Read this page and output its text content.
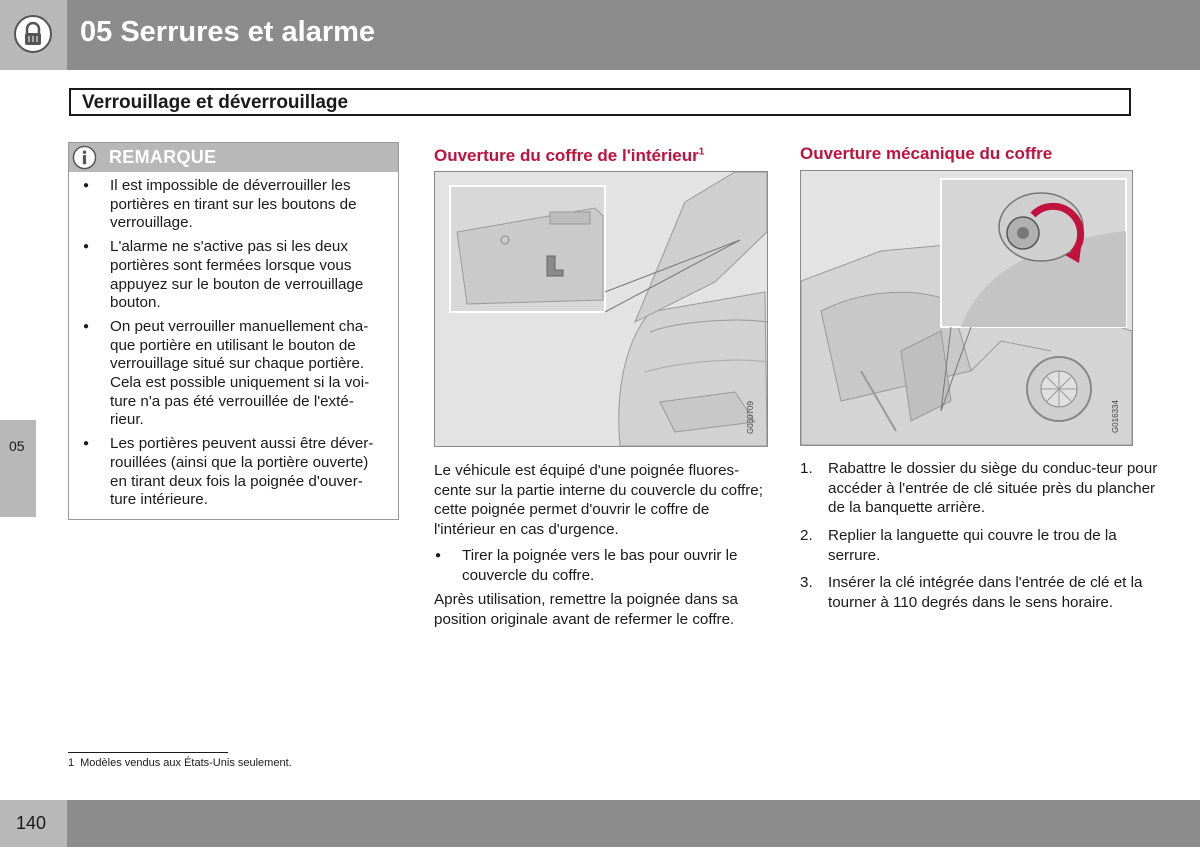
05 Serrures et alarme
Verrouillage et déverrouillage
05
REMARQUE
● Il est impossible de déverrouiller les portières en tirant sur les boutons de verrouillage.
● L'alarme ne s'active pas si les deux portières sont fermées lorsque vous appuyez sur le bouton de verrouillage bouton.
● On peut verrouiller manuellement cha-que portière en utilisant le bouton de verrouillage situé sur chaque portière. Cela est possible uniquement si la voi-ture n'a pas été verrouillée de l'exté-rieur.
● Les portières peuvent aussi être déver-rouillées (ainsi que la portière ouverte) en tirant deux fois la poignée d'ouver-ture intérieure.
Ouverture du coffre de l'intérieur$^1$
G030709
Le véhicule est équipé d'une poignée fluores-cente sur la partie interne du couvercle du coffre; cette poignée permet d'ouvrir le coffre de l'intérieur en cas d'urgence.
● Tirer la poignée vers le bas pour ouvrir le couvercle du coffre.
Après utilisation, remettre la poignée dans sa position originale avant de refermer le coffre.
Ouverture mécanique du coffre
G016334
1. Rabattre le dossier du siège du conduc-teur pour accéder à l'entrée de clé située près du plancher de la banquette arrière.
2. Replier la languette qui couvre le trou de la serrure.
3. Insérer la clé intégrée dans l'entrée de clé et la tourner à 110 degrés dans le sens horaire.
1 Modèles vendus aux États-Unis seulement.
140
